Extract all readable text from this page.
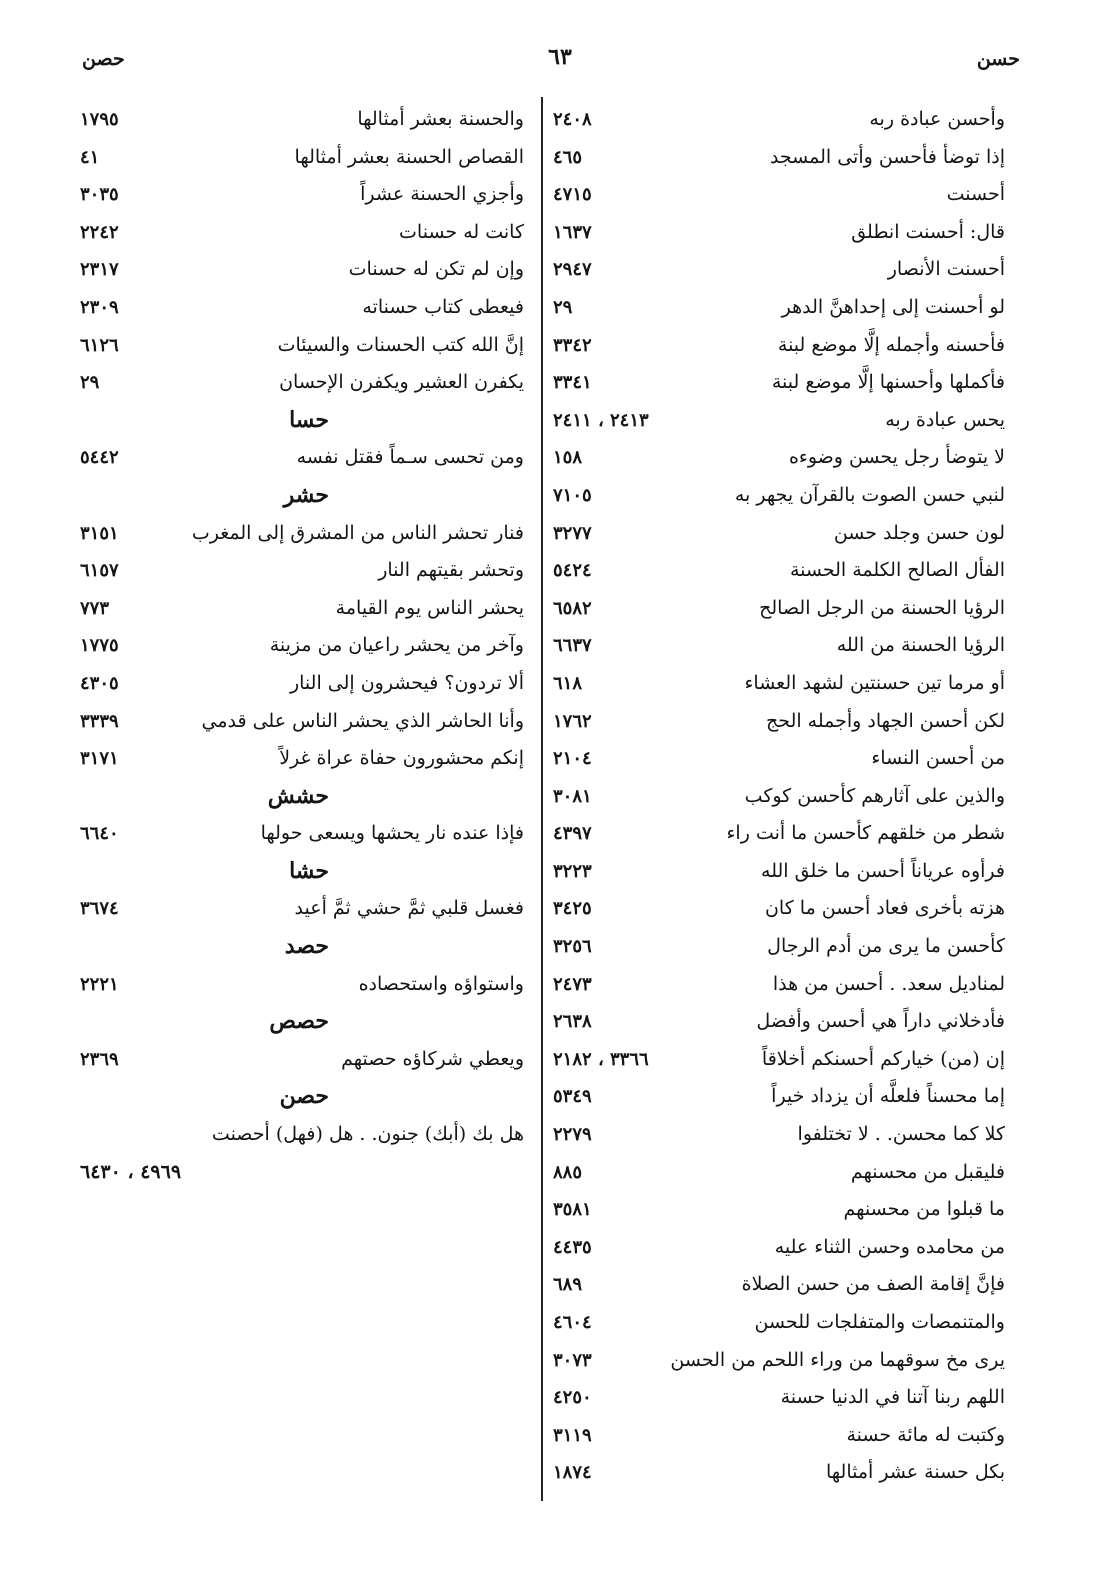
حسن
٦٣
حصن
وأحسن عبادة ربه
٢٤٠٨
إذا توضأ فأحسن وأتى المسجد
٤٦٥
أحسنت
٤٧١٥
قال: أحسنت انطلق
١٦٣٧
أحسنت الأنصار
٢٩٤٧
لو أحسنت إلى إحداهنَّ الدهر
٢٩
فأحسنه وأجمله إلَّا موضع لبنة
٣٣٤٢
فأكملها وأحسنها إلَّا موضع لبنة
٣٣٤١
يحس عبادة ربه
٢٤١٣ ، ٢٤١١
لا يتوضأ رجل يحسن وضوءه
١٥٨
لنبي حسن الصوت بالقرآن يجهر به
٧١٠٥
لون حسن وجلد حسن
٣٢٧٧
الفأل الصالح الكلمة الحسنة
٥٤٢٤
الرؤيا الحسنة من الرجل الصالح
٦٥٨٢
الرؤيا الحسنة من الله
٦٦٣٧
أو مرما تين حسنتين لشهد العشاء
٦١٨
لكن أحسن الجهاد وأجمله الحج
١٧٦٢
من أحسن النساء
٢١٠٤
والذين على آثارهم كأحسن كوكب
٣٠٨١
شطر من خلقهم كأحسن ما أنت راء
٤٣٩٧
فرأوه عرياناً أحسن ما خلق الله
٣٢٢٣
هزته بأخرى فعاد أحسن ما كان
٣٤٢٥
كأحسن ما يرى من أدم الرجال
٣٢٥٦
لمناديل سعد. . أحسن من هذا
٢٤٧٣
فأدخلاني داراً هي أحسن وأفضل
٢٦٣٨
إن (من) خياركم أحسنكم أخلاقاً
٣٣٦٦ ، ٢١٨٢
إما محسناً فلعلَّه أن يزداد خيراً
٥٣٤٩
كلا كما محسن. . لا تختلفوا
٢٢٧٩
فليقبل من محسنهم
٨٨٥
ما قبلوا من محسنهم
٣٥٨١
من محامده وحسن الثناء عليه
٤٤٣٥
فإنَّ إقامة الصف من حسن الصلاة
٦٨٩
والمتنمصات والمتفلجات للحسن
٤٦٠٤
يرى مخ سوقهما من وراء اللحم من الحسن
٣٠٧٣
اللهم ربنا آتنا في الدنيا حسنة
٤٢٥٠
وكتبت له مائة حسنة
٣١١٩
بكل حسنة عشر أمثالها
١٨٧٤
والحسنة بعشر أمثالها
١٧٩٥
القصاص الحسنة بعشر أمثالها
٤١
وأجزي الحسنة عشراً
٣٠٣٥
كانت له حسنات
٢٢٤٢
وإن لم تكن له حسنات
٢٣١٧
فيعطى كتاب حسناته
٢٣٠٩
إنَّ الله كتب الحسنات والسيئات
٦١٢٦
يكفرن العشير ويكفرن الإحسان
٢٩
حسا
ومن تحسى سـماً فقتل نفسه
٥٤٤٢
حشر
فنار تحشر الناس من المشرق إلى المغرب
٣١٥١
وتحشر بقيتهم النار
٦١٥٧
يحشر الناس يوم القيامة
٧٧٣
وآخر من يحشر راعيان من مزينة
١٧٧٥
ألا تردون؟ فيحشرون إلى النار
٤٣٠٥
وأنا الحاشر الذي يحشر الناس على قدمي
٣٣٣٩
إنكم محشورون حفاة عراة غرلاً
٣١٧١
حشش
فإذا عنده نار يحشها ويسعى حولها
٦٦٤٠
حشا
فغسل قلبي ثمَّ حشي ثمَّ أعيد
٣٦٧٤
حصد
واستواؤه واستحصاده
٢٢٢١
حصص
ويعطي شركاؤه حصتهم
٢٣٦٩
حصن
هل بك (أبك) جنون. . هل (فهل) أحصنت
٤٩٦٩ ، ٦٤٣٠
